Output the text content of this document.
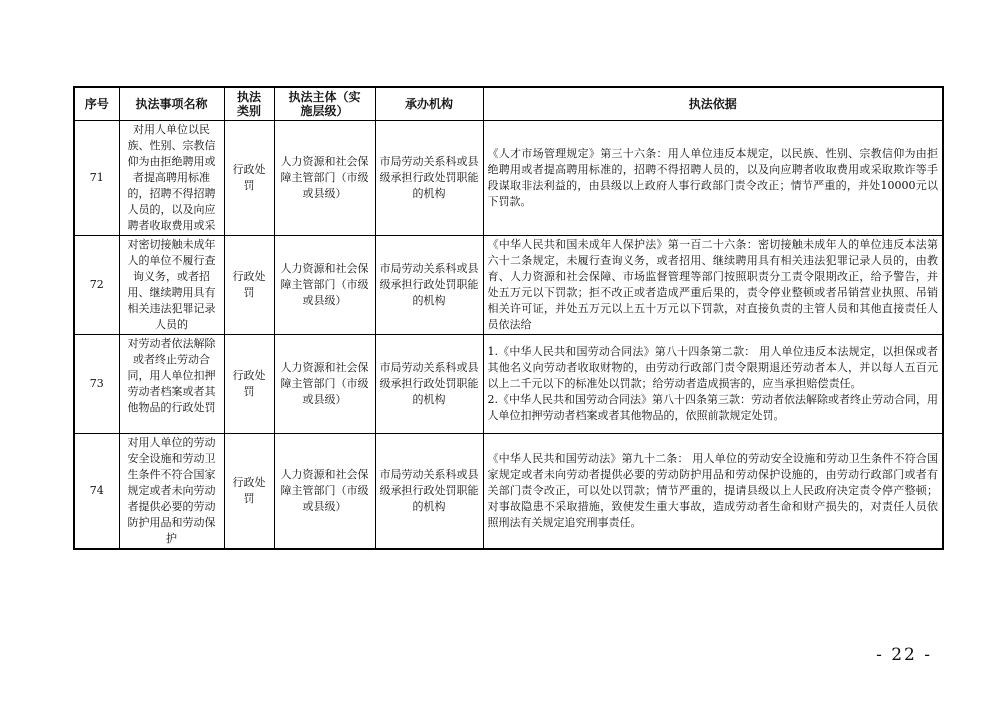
序号	执法事项名称	执法类别	执法主体（实施层级）	承办机构	执法依据
71	对用人单位以民族、性别、宗教信仰为由拒绝聘用或者提高聘用标准的，招聘不得招聘人员的，以及向应聘者收取费用或采	行政处罚	人力资源和社会保障主管部门（市级或县级）	市局劳动关系科或县级承担行政处罚职能的机构	《人才市场管理规定》第三十六条：用人单位违反本规定，以民族、性别、宗教信仰为由拒绝聘用或者提高聘用标准的，招聘不得招聘人员的，以及向应聘者收取费用或采取欺诈等手段谋取非法利益的，由县级以上政府人事行政部门责令改正；情节严重的，并处10000元以下罚款。
72	对密切接触未成年人的单位不履行查询义务，或者招用、继续聘用具有相关违法犯罪记录人员的	行政处罚	人力资源和社会保障主管部门（市级或县级）	市局劳动关系科或县级承担行政处罚职能的机构	《中华人民共和国未成年人保护法》第一百二十六条：密切接触未成年人的单位违反本法第六十二条规定，未履行查询义务，或者招用、继续聘用具有相关违法犯罪记录人员的，由教育、人力资源和社会保障、市场监督管理等部门按照职责分工责令限期改正，给予警告，并处五万元以下罚款；拒不改正或者造成严重后果的，责令停业整顿或者吊销营业执照、吊销相关许可证，并处五万元以上五十万元以下罚款，对直接负责的主管人员和其他直接责任人员依法给

73	对劳动者依法解除或者终止劳动合同，用人单位扣押劳动者档案或者其他物品的行政处罚	行政处罚	人力资源和社会保障主管部门（市级或县级）	市局劳动关系科或县级承担行政处罚职能的机构	1.《中华人民共和国劳动合同法》第八十四条第二款： 用人单位违反本法规定，以担保或者其他名义向劳动者收取财物的，由劳动行政部门责令限期退还劳动者本人，并以每人五百元以上二千元以下的标准处以罚款；给劳动者造成损害的，应当承担赔偿责任。
2.《中华人民共和国劳动合同法》第八十四条第三款：劳动者依法解除或者终止劳动合同，用人单位扣押劳动者档案或者其他物品的，依照前款规定处罚。

74	对用人单位的劳动安全设施和劳动卫生条件不符合国家规定或者未向劳动者提供必要的劳动防护用品和劳动保护	行政处罚	人力资源和社会保障主管部门（市级或县级）	市局劳动关系科或县级承担行政处罚职能的机构	《中华人民共和国劳动法》第九十二条： 用人单位的劳动安全设施和劳动卫生条件不符合国家规定或者未向劳动者提供必要的劳动防护用品和劳动保护设施的，由劳动行政部门或者有关部门责令改正，可以处以罚款；情节严重的，提请县级以上人民政府决定责令停产整顿；对事故隐患不采取措施，致使发生重大事故，造成劳动者生命和财产损失的，对责任人员依照刑法有关规定追究刑事责任。
- 22 -
